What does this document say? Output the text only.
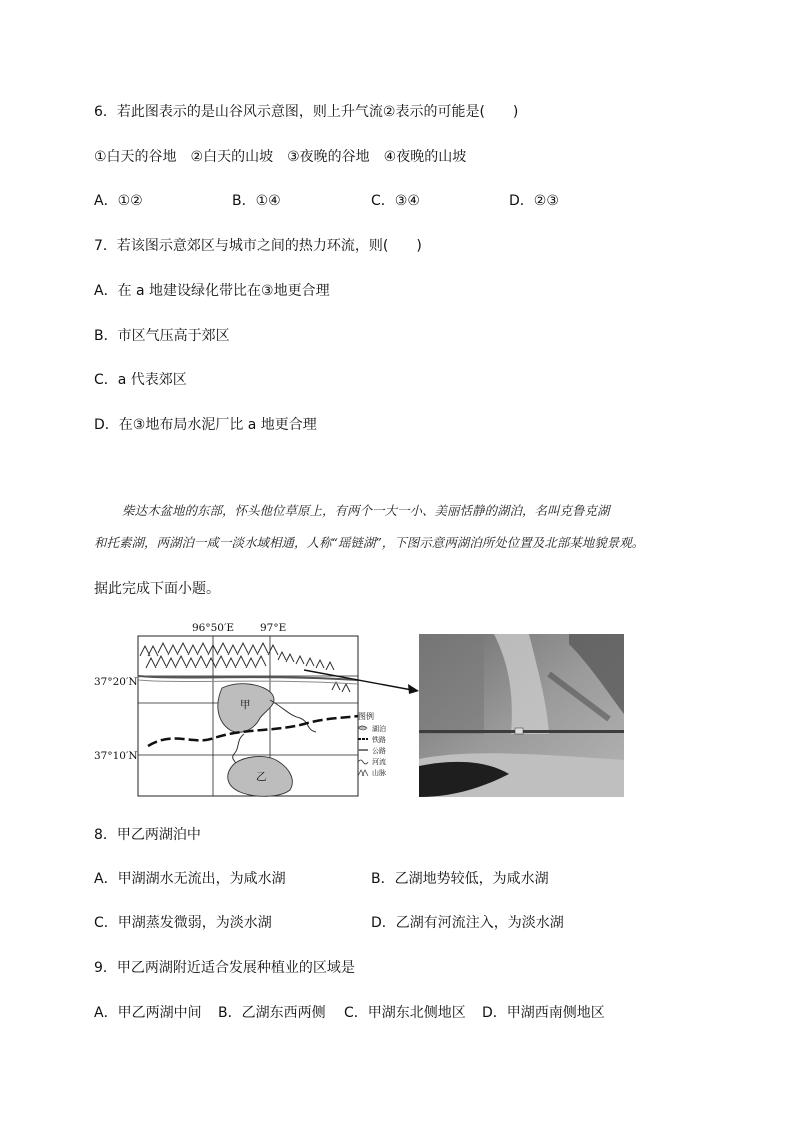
6．若此图表示的是山谷风示意图，则上升气流②表示的可能是(　　)
①白天的谷地　②白天的山坡　③夜晚的谷地　④夜晚的山坡
A．①②	B．①④	C．③④	D．②③
7．若该图示意郊区与城市之间的热力环流，则(　　)
A．在 a 地建设绿化带比在③地更合理
B．市区气压高于郊区
C．a 代表郊区
D．在③地布局水泥厂比 a 地更合理
柴达木盆地的东部，怀头他位草原上，有两个一大一小、美丽恬静的湖泊，名叫克鲁克湖
和托素湖，两湖泊一咸一淡水域相通，人称“瑶链湖”，下图示意两湖泊所处位置及北部某地貌景观。
据此完成下面小题。
96°50′E 97°E
37°20′N
37°10′N
甲
乙
图例
湖泊
铁路
公路
河流
山脉
8．甲乙两湖泊中
A．甲湖湖水无流出，为咸水湖	B．乙湖地势较低，为咸水湖
C．甲湖蒸发微弱，为淡水湖	D．乙湖有河流注入，为淡水湖
9．甲乙两湖附近适合发展种植业的区域是
A．甲乙两湖中间 B．乙湖东西两侧 C．甲湖东北侧地区 D．甲湖西南侧地区
